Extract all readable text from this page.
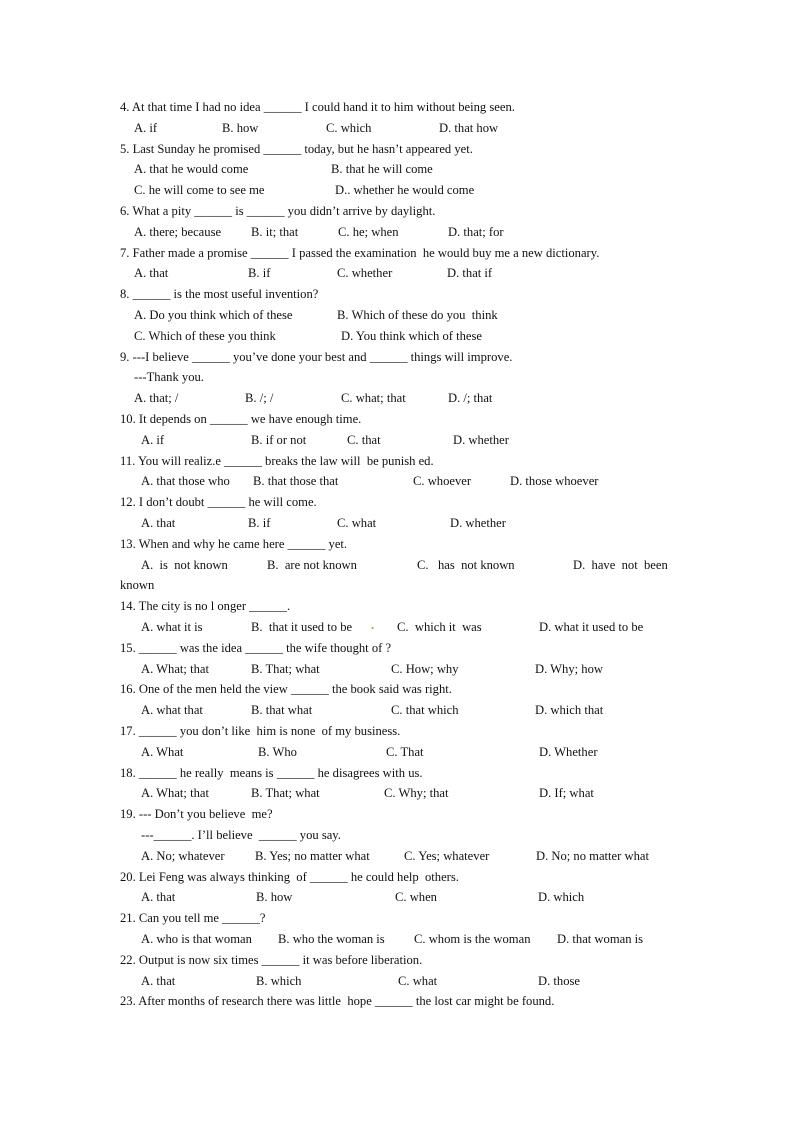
4. At that time I had no idea ______ I could hand it to him without being seen.
A. if	B. how	C. which	D. that how
5. Last Sunday he promised ______ today, but he hasn’t appeared yet.
A. that he would come	B. that he will come
C. he will come to see me	D.. whether he would come
6. What a pity ______ is ______ you didn’t arrive by daylight.
A. there; because B. it; that	C. he; when	D. that; for
7. Father made a promise ______ I passed the examination  he would buy me a new dictionary.
A. that	B. if	C. whether	D. that if
8. ______ is the most useful invention?
A. Do you think which of these	B. Which of these do you  think
C. Which of these you think	D. You think which of these
9. ---I believe ______ you’ve done your best and ______ things will improve.
---Thank you.
A. that; /	B. /; /	C. what; that	D. /; that
10. It depends on ______ we have enough time.
A. if	B. if or not	C. that	D. whether
11. You will realiz.e ______ breaks the law will  be punish ed.
A. that those who B. that those that	C. whoever	D. those whoever
12. I don’t doubt ______ he will come.
A. that	B. if	C. what	D. whether
13. When and why he came here ______ yet.
A.  is  not known	B.  are not known	C.   has  not known	D.  have  not  been
known
14. The city is no l onger ______.
A. what it is	B.  that it used to be . C.  which it  was	D. what it used to be
15. ______ was the idea ______ the wife thought of ?
A. What; that	B. That; what	C. How; why	D. Why; how
16. One of the men held the view ______ the book said was right.
A. what that	B. that what	C. that which	D. which that
17. ______ you don’t like  him is none  of my business.
A. What	B. Who	C. That	D. Whether
18. ______ he really  means is ______ he disagrees with us.
A. What; that	B. That; what	C. Why; that	D. If; what
19. --- Don’t you believe  me?
---______. I’ll believe  ______ you say.
A. No; whatever B. Yes; no matter what	C. Yes; whatever	D. No; no matter what
20. Lei Feng was always thinking  of ______ he could help  others.
A. that	B. how	C. when	D. which
21. Can you tell me ______?
A. who is that woman B. who the woman is C. whom is the woman D. that woman is
22. Output is now six times ______ it was before liberation.
A. that	B. which	C. what	D. those
23. After months of research there was little  hope ______ the lost car might be found.
